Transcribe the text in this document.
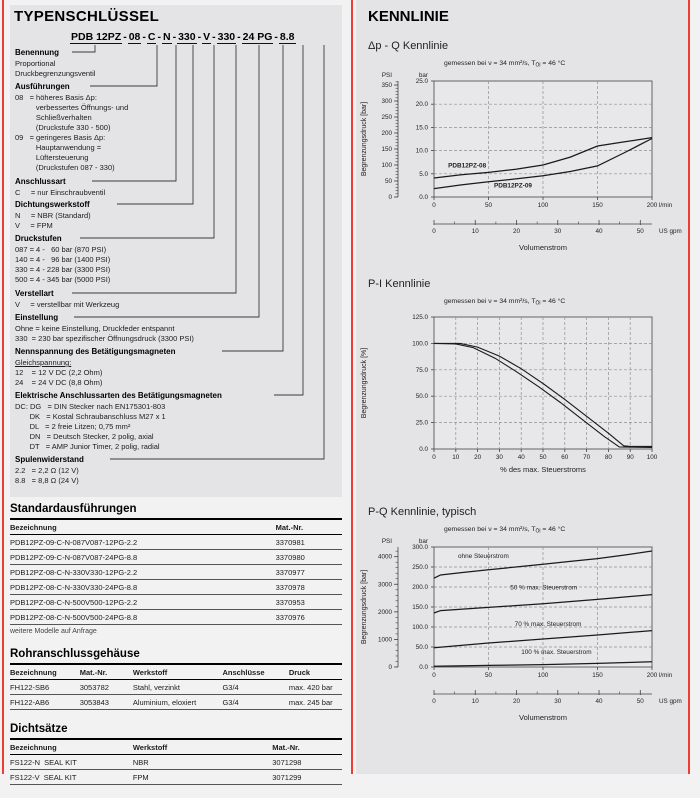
TYPENSCHLÜSSEL
PDB 12PZ - 08 - C - N - 330 - V - 330 - 24 PG - 8.8
Benennung
Proportional
Druckbegrenzungsventil
Ausführungen
08   = höheres Basis Δp:
verbessertes Öffnungs- und
Schließverhalten
(Druckstufe 330 - 500)
09   = geringeres Basis Δp:
Hauptanwendung =
Lüftersteuerung
(Druckstufen 087 - 330)
Anschlussart
C     = nur Einschraubventil
Dichtungswerkstoff
N     = NBR (Standard)
V     = FPM
Druckstufen
087 = 4 -   60 bar (870 PSI)
140 = 4 -   96 bar (1400 PSI)
330 = 4 - 228 bar (3300 PSI)
500 = 4 - 345 bar (5000 PSI)
Verstellart
V     = verstellbar mit Werkzeug
Einstellung
Ohne = keine Einstellung, Druckfeder entspannt
330  = 230 bar spezifischer Öffnungsdruck (3300 PSI)
Nennspannung des Betätigungsmagneten
Gleichspannung:
12    = 12 V DC (2,2 Ohm)
24    = 24 V DC (8,8 Ohm)
Elektrische Anschlussarten des Betätigungsmagneten
DC: DG   = DIN Stecker nach EN175301-803
DK   = Kostal Schraubanschluss M27 x 1
DL   = 2 freie Litzen; 0,75 mm²
DN   = Deutsch Stecker, 2 polig, axial
DT   = AMP Junior Timer, 2 polig, radial
Spulenwiderstand
2.2   = 2,2 Ω (12 V)
8.8   = 8,8 Ω (24 V)
Standardausführungen
Bezeichnung	Mat.-Nr.
PDB12PZ-09-C-N-087V087-12PG-2.2	3370981
PDB12PZ-09-C-N-087V087-24PG-8.8	3370980
PDB12PZ-08-C-N-330V330-12PG-2.2	3370977
PDB12PZ-08-C-N-330V330-24PG-8.8	3370978
PDB12PZ-08-C-N-500V500-12PG-2.2	3370953
PDB12PZ-08-C-N-500V500-24PG-8.8	3370976
weitere Modelle auf Anfrage
Rohranschlussgehäuse
Bezeichnung	Mat.-Nr.	Werkstoff	Anschlüsse	Druck
FH122-SB6	3053782	Stahl, verzinkt	G3/4	max. 420 bar
FH122-AB6	3053843	Aluminium, eloxiert	G3/4	max. 245 bar
Dichtsätze
Bezeichnung	Werkstoff	Mat.-Nr.
FS122-N  SEAL KIT	NBR	3071298
FS122-V  SEAL KIT	FPM	3071299
KENNLINIE
Δp - Q Kennlinie
gemessen bei ν = 34 mm²/s, $T_{Öl} = 46$ °C
0.0
5.0
10.0
15.0
20.0
25.0
bar
0
50
100
150
200
250
300
350
PSI
0	50	100	150	200 l/min
0	10	20	30	40	50 US gpm
Volumenstrom
Begrenzungsdruck [bar]	PDB12PZ-08
PDB12PZ-09
P-I Kennlinie
gemessen bei ν = 34 mm²/s, $T_{Öl} = 46$ °C
0.0
25.0
50.0
75.0
100.0
125.0
0	10 20 30 40 50 60 70 80 90 100
% des max. Steuerstroms
Begrenzungsdruck [%]
P-Q Kennlinie, typisch
gemessen bei ν = 34 mm²/s, $T_{Öl} = 46$ °C
0.0
50.0
100.0
150.0
200.0
250.0
300.0
bar
0
1000
2000
3000
4000
PSI
0	50	100	150	200 l/min
0	10	20	30	40	50 US gpm
Volumenstrom
Begrenzungsdruck [bar]
ohne Steuerstrom
50 % max. Steuerstrom
70 % max. Steuerstrom
100 % max. Steuerstrom
